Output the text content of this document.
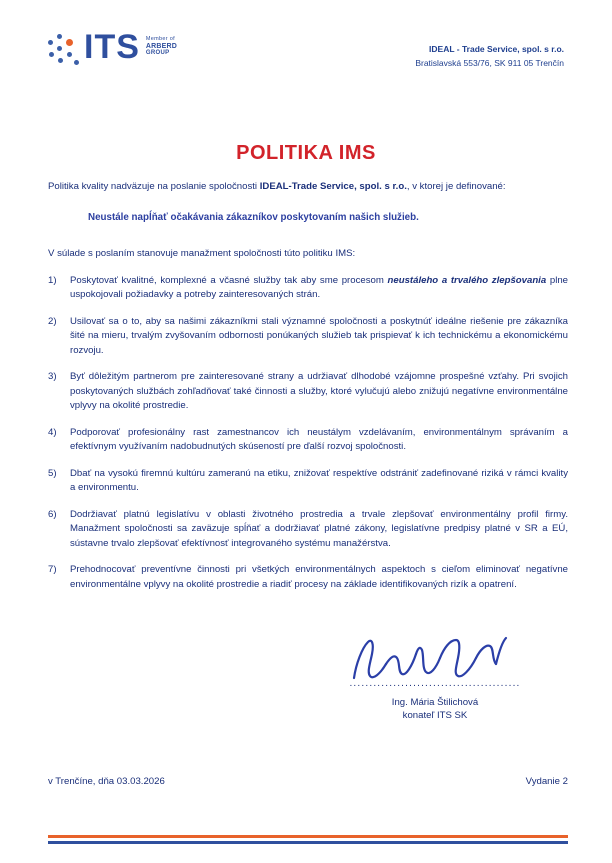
ITS Member of
ARBERD
GROUP	IDEAL - Trade Service, spol. s r.o.
Bratislavská 553/76, SK 911 05 Trenčín
POLITIKA IMS
Politika kvality nadväzuje na poslanie spoločnosti IDEAL-Trade Service, spol. s r.o., v ktorej je definované:
Neustále napĺňať očakávania zákazníkov poskytovaním našich služieb.
V súlade s poslaním stanovuje manažment spoločnosti túto politiku IMS:
1)	Poskytovať kvalitné, komplexné a včasné služby tak aby sme procesom neustáleho a trvalého zlepšovania plne uspokojovali požiadavky a potreby zainteresovaných strán.
2)	Usilovať sa o to, aby sa našimi zákazníkmi stali významné spoločnosti a poskytnúť ideálne riešenie pre zákazníka šité na mieru, trvalým zvyšovaním odbornosti ponúkaných služieb tak prispievať k ich technickému a ekonomickému rozvoju.
3)	Byť dôležitým partnerom pre zainteresované strany a udržiavať dlhodobé vzájomne prospešné vzťahy. Pri svojich poskytovaných službách zohľadňovať také činnosti a služby, ktoré vylučujú alebo znižujú negatívne environmentálne vplyvy na okolité prostredie.
4)	Podporovať profesionálny rast zamestnancov ich neustálym vzdelávaním, environmentálnym správaním a efektívnym využívaním nadobudnutých skúseností pre ďalší rozvoj spoločnosti.
5)	Dbať na vysokú firemnú kultúru zameranú na etiku, znižovať respektíve odstrániť zadefinované riziká v rámci kvality a environmentu.
6)	Dodržiavať platnú legislatívu v oblasti životného prostredia a trvale zlepšovať environmentálny profil firmy. Manažment spoločnosti sa zaväzuje spĺňať a dodržiavať platné zákony, legislatívne predpisy platné v SR a EÚ, sústavne trvalo zlepšovať efektívnosť integrovaného systému manažérstva.
7)	Prehodnocovať preventívne činnosti pri všetkých environmentálnych aspektoch s cieľom eliminovať negatívne environmentálne vplyvy na okolité prostredie a riadiť procesy na základe identifikovaných rizík a opatrení.
...........................................
Ing. Mária Štilichová
konateľ ITS SK
v Trenčíne, dňa 03.03.2026	Vydanie 2
